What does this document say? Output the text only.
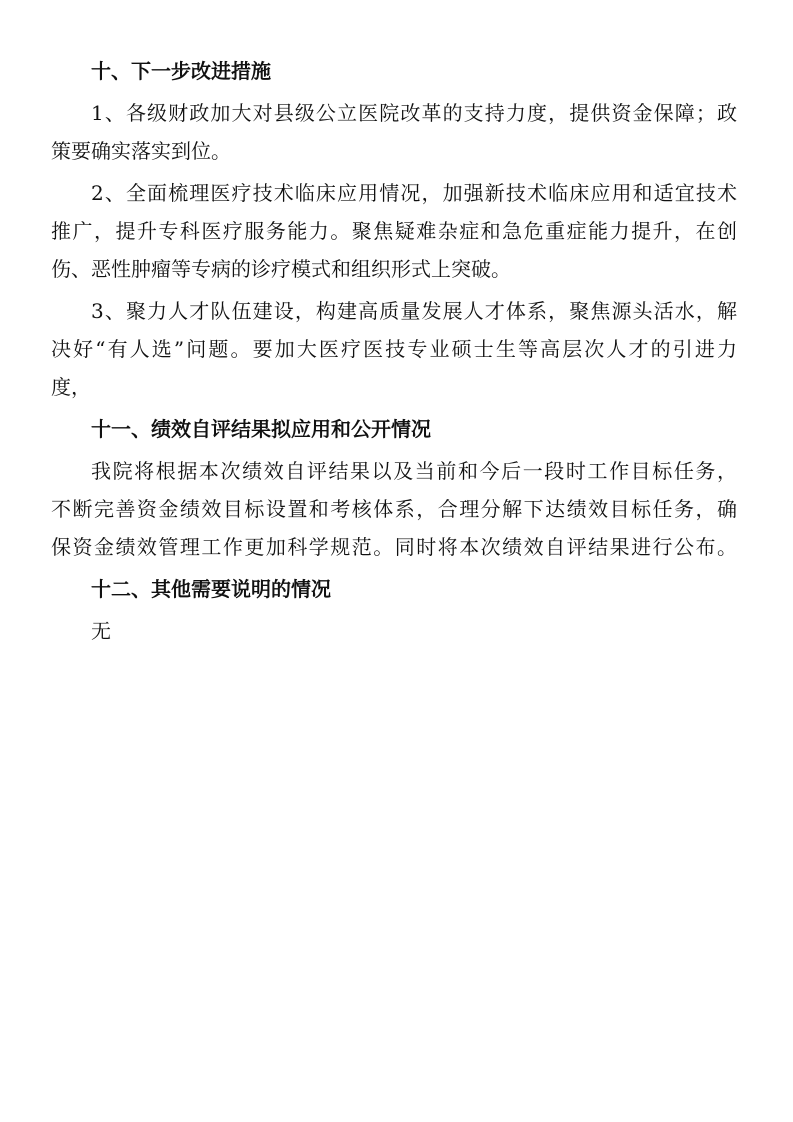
十、下一步改进措施
1、各级财政加大对县级公立医院改革的支持力度，提供资金保障；政
策要确实落实到位。
2、全面梳理医疗技术临床应用情况，加强新技术临床应用和适宜技术
推广，提升专科医疗服务能力。聚焦疑难杂症和急危重症能力提升，在创
伤、恶性肿瘤等专病的诊疗模式和组织形式上突破。
3、聚力人才队伍建设，构建高质量发展人才体系，聚焦源头活水，解
决好“有人选”问题。要加大医疗医技专业硕士生等高层次人才的引进力
度，
十一、绩效自评结果拟应用和公开情况
我院将根据本次绩效自评结果以及当前和今后一段时工作目标任务，
不断完善资金绩效目标设置和考核体系，合理分解下达绩效目标任务，确
保资金绩效管理工作更加科学规范。同时将本次绩效自评结果进行公布。
十二、其他需要说明的情况
无
